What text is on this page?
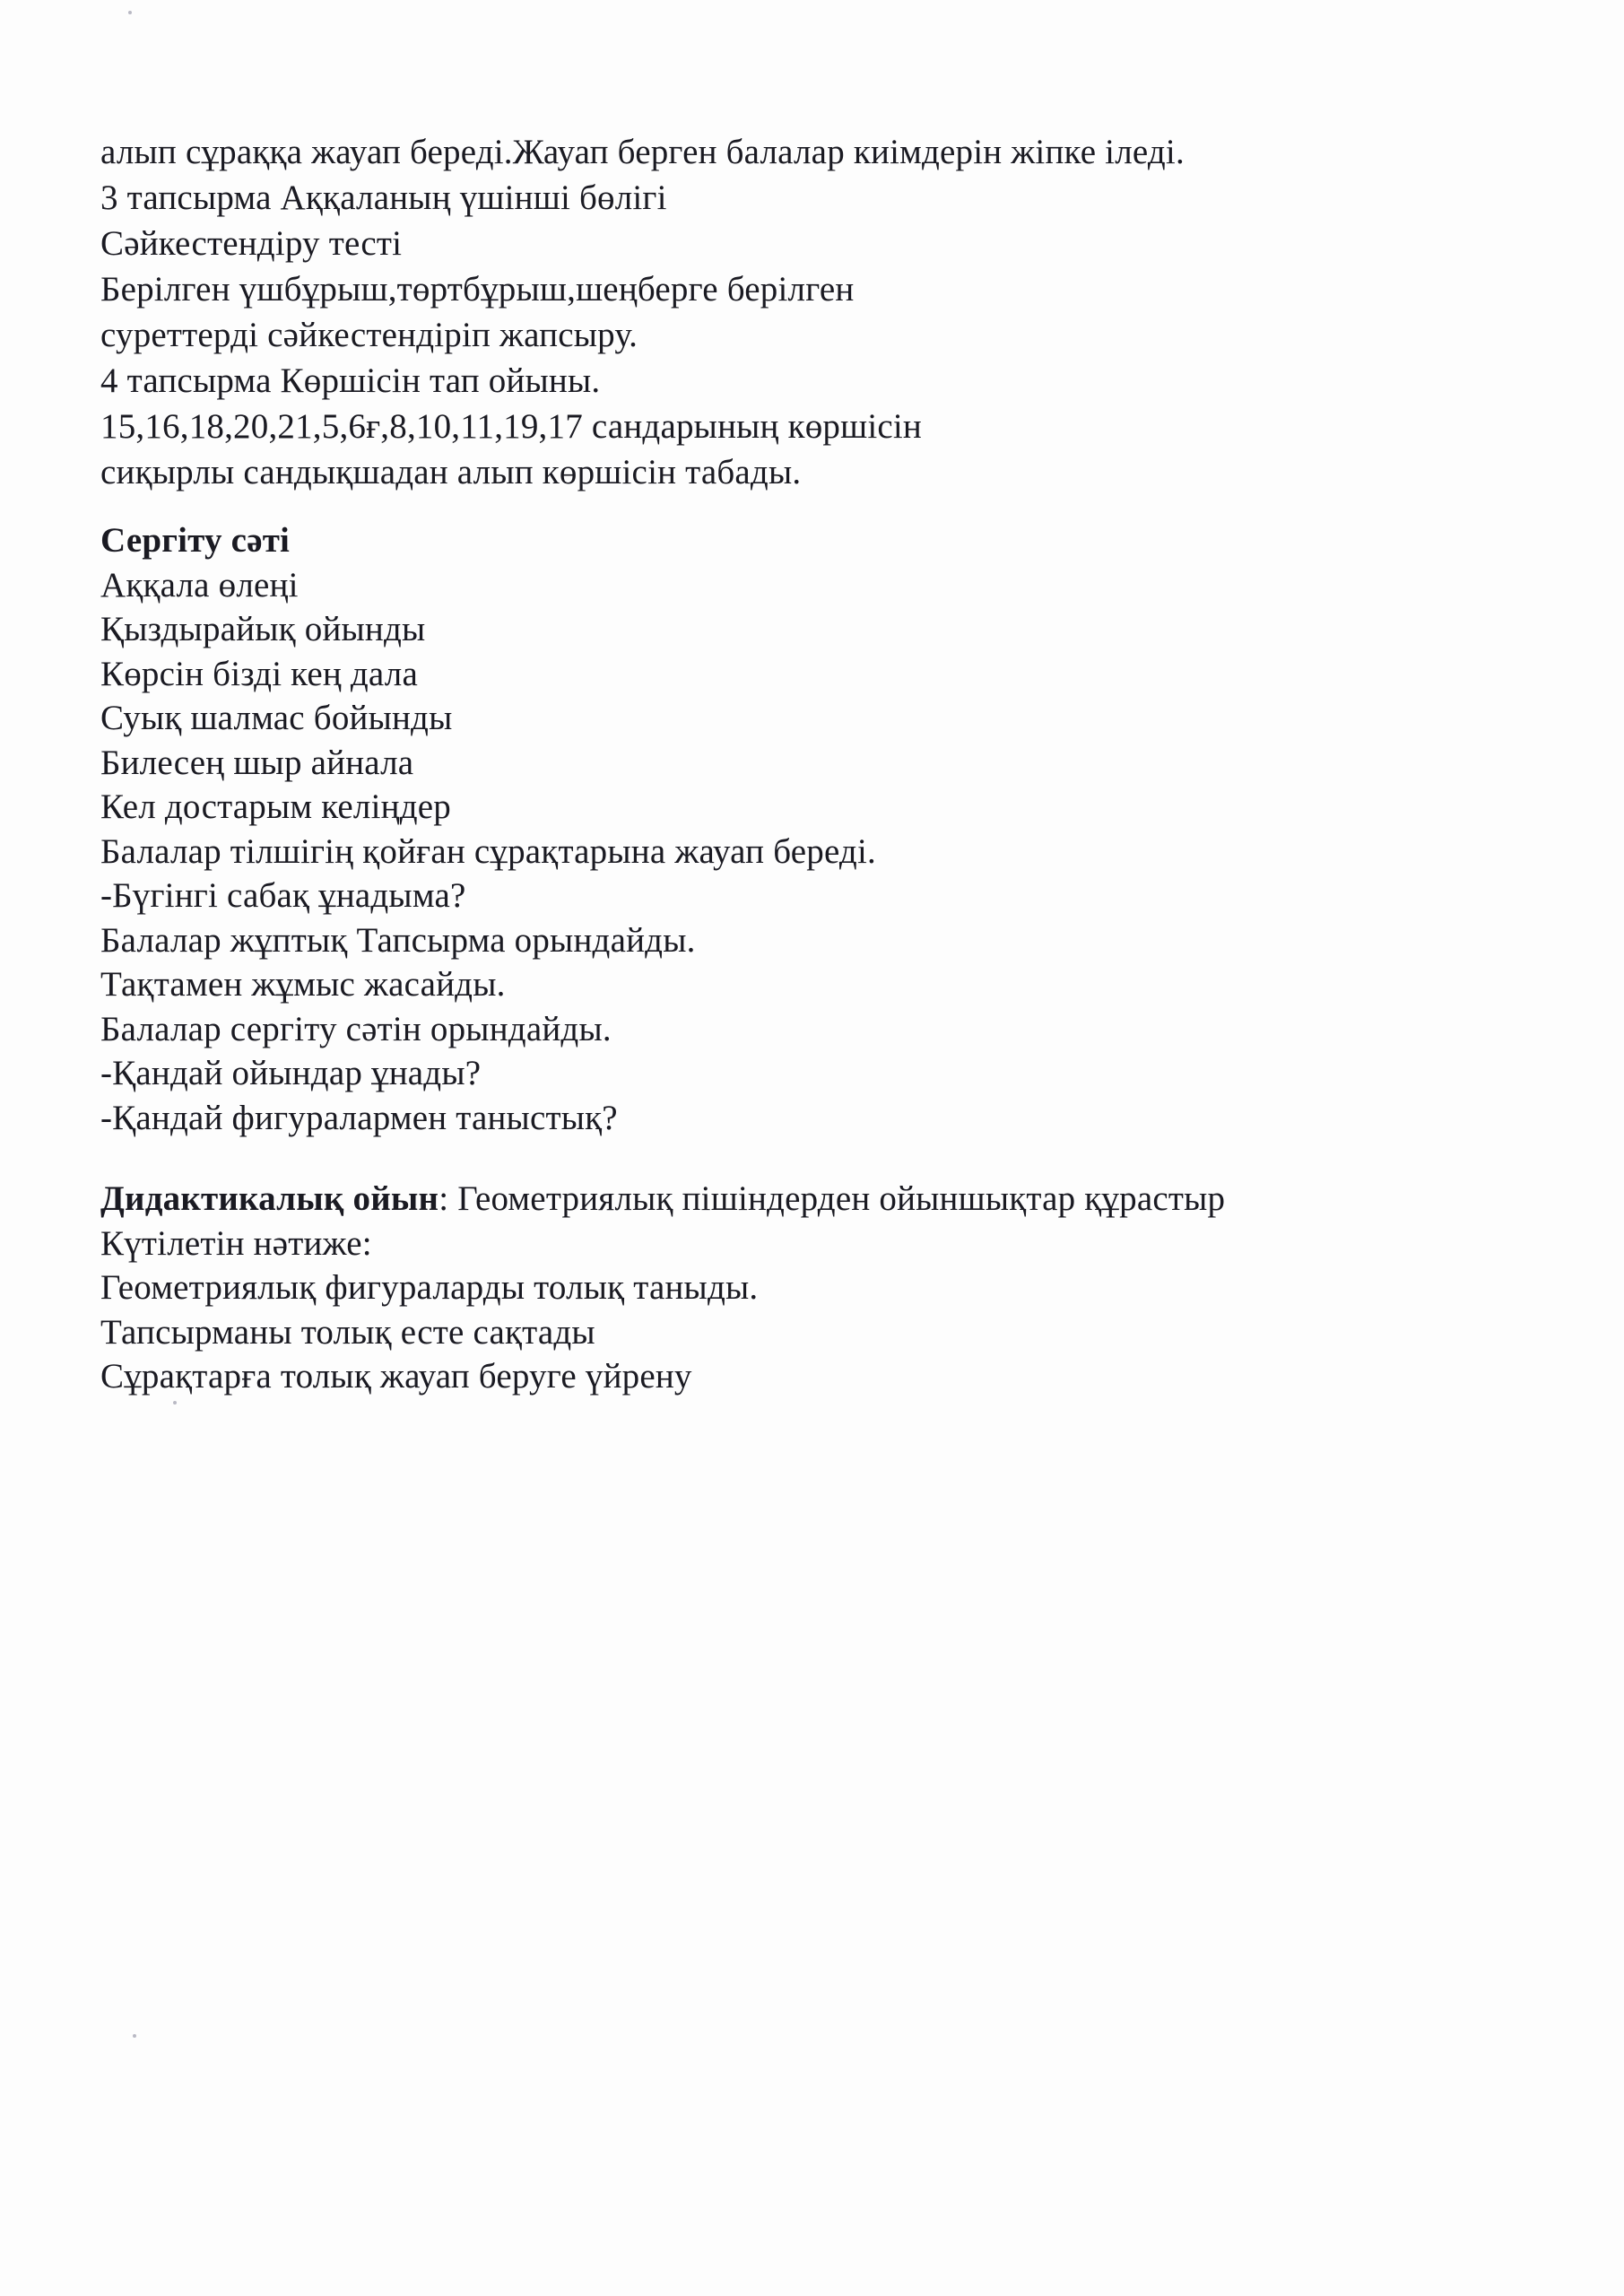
алып сұраққа жауап береді.Жауап берген балалар киімдерін жіпке іледі.
3 тапсырма Аққаланың үшінші бөлігі
Сәйкестендіру тесті
Берілген үшбұрыш,төртбұрыш,шеңберге берілген
суреттерді сәйкестендіріп жапсыру.
4 тапсырма Көршісін тап ойыны.
15,16,18,20,21,5,6ғ,8,10,11,19,17 сандарының көршісін
сиқырлы сандықшадан алып көршісін табады.
Сергіту сәті
Аққала өлеңі
Қыздырайық ойынды
Көрсін бізді кең дала
Суық шалмас бойынды
Билесең шыр айнала
Кел достарым келіңдер
Балалар тілшігің қойған сұрақтарына жауап береді.
-Бүгінгі сабақ ұнадыма?
Балалар жұптық Тапсырма орындайды.
Тақтамен жұмыс жасайды.
Балалар сергіту сәтін орындайды.
-Қандай ойындар ұнады?
-Қандай фигуралармен таныстық?
Дидактикалық ойын: Геометриялық пішіндерден ойыншықтар құрастыр
Күтілетін нәтиже:
Геометриялық фигураларды толық таныды.
Тапсырманы толық есте сақтады
Сұрақтарға толық жауап беруге үйрену
